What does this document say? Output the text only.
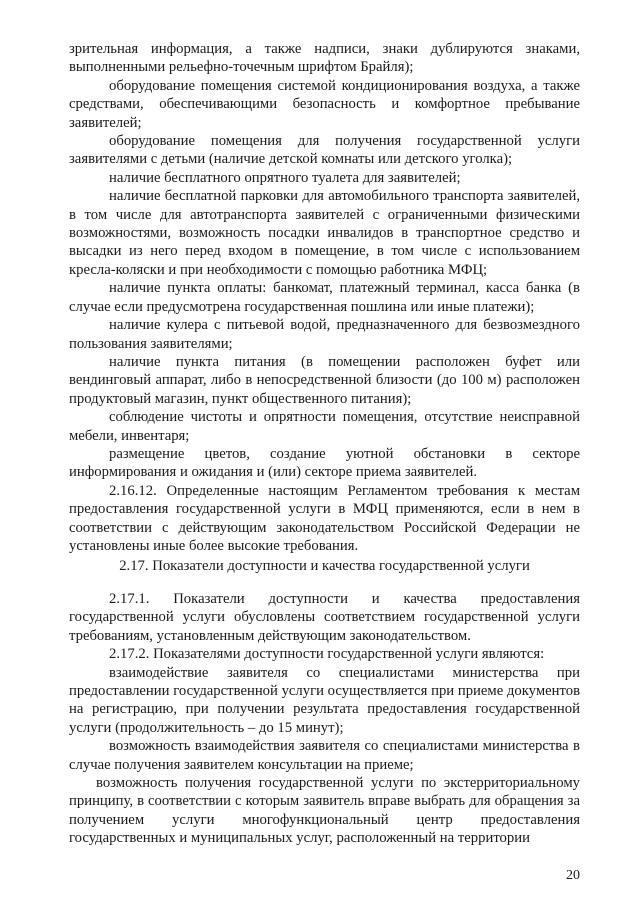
зрительная информация, а также надписи, знаки дублируются знаками, выполненными рельефно-точечным шрифтом Брайля);

оборудование помещения системой кондиционирования воздуха, а также средствами, обеспечивающими безопасность и комфортное пребывание заявителей;

оборудование помещения для получения государственной услуги заявителями с детьми (наличие детской комнаты или детского уголка);

наличие бесплатного опрятного туалета для заявителей;

наличие бесплатной парковки для автомобильного транспорта заявителей, в том числе для автотранспорта заявителей с ограниченными физическими возможностями, возможность посадки инвалидов в транспортное средство и высадки из него перед входом в помещение, в том числе с использованием кресла-коляски и при необходимости с помощью работника МФЦ;

наличие пункта оплаты: банкомат, платежный терминал, касса банка (в случае если предусмотрена государственная пошлина или иные платежи);

наличие кулера с питьевой водой, предназначенного для безвозмездного пользования заявителями;

наличие пункта питания (в помещении расположен буфет или вендинговый аппарат, либо в непосредственной близости (до 100 м) расположен продуктовый магазин, пункт общественного питания);

соблюдение чистоты и опрятности помещения, отсутствие неисправной мебели, инвентаря;

размещение цветов, создание уютной обстановки в секторе информирования и ожидания и (или) секторе приема заявителей.

2.16.12. Определенные настоящим Регламентом требования к местам предоставления государственной услуги в МФЦ применяются, если в нем в соответствии с действующим законодательством Российской Федерации не установлены иные более высокие требования.

2.17. Показатели доступности и качества государственной услуги

2.17.1. Показатели доступности и качества предоставления государственной услуги обусловлены соответствием государственной услуги требованиям, установленным действующим законодательством.

2.17.2. Показателями доступности государственной услуги являются:

взаимодействие заявителя со специалистами министерства при предоставлении государственной услуги осуществляется при приеме документов на регистрацию, при получении результата предоставления государственной услуги (продолжительность – до 15 минут);

возможность взаимодействия заявителя со специалистами министерства в случае получения заявителем консультации на приеме;

возможность получения государственной услуги по экстерриториальному принципу, в соответствии с которым заявитель вправе выбрать для обращения за получением услуги многофункциональный центр предоставления государственных и муниципальных услуг, расположенный на территории

20
